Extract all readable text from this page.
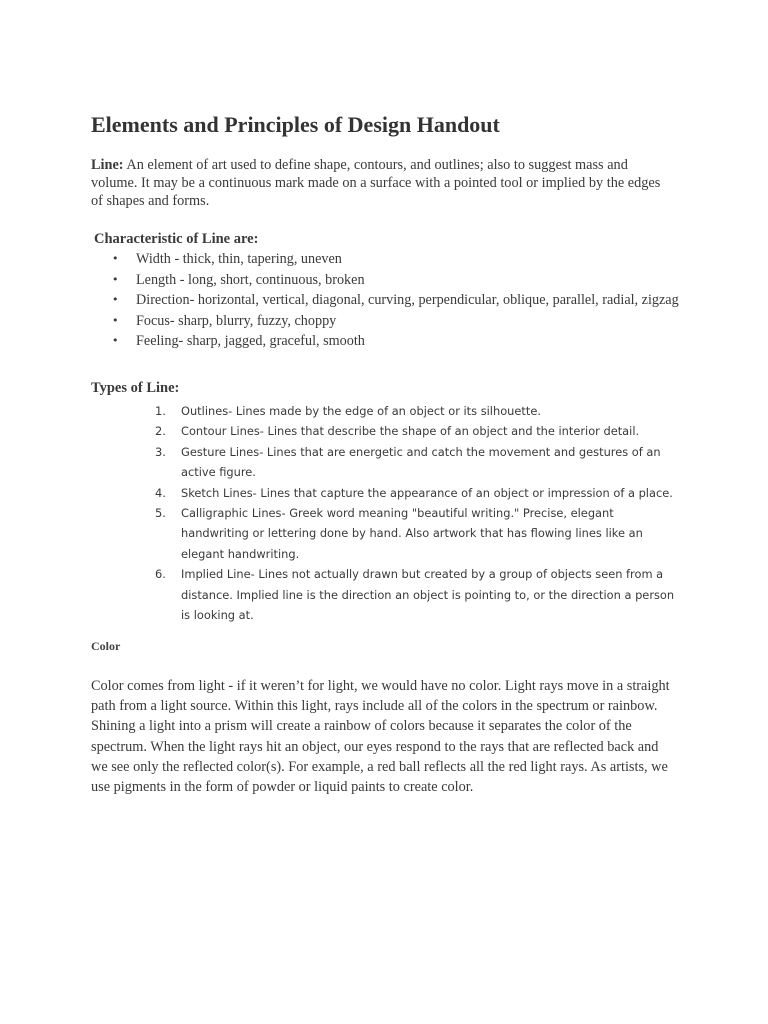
Elements and Principles of Design Handout

Line: An element of art used to define shape, contours, and outlines; also to suggest mass and volume. It may be a continuous mark made on a surface with a pointed tool or implied by the edges of shapes and forms.

Characteristic of Line are:
• Width - thick, thin, tapering, uneven
• Length - long, short, continuous, broken
• Direction- horizontal, vertical, diagonal, curving, perpendicular, oblique, parallel, radial, zigzag
• Focus- sharp, blurry, fuzzy, choppy
• Feeling- sharp, jagged, graceful, smooth
Types of Line:
1. Outlines- Lines made by the edge of an object or its silhouette.
2. Contour Lines- Lines that describe the shape of an object and the interior detail.
3. Gesture Lines- Lines that are energetic and catch the movement and gestures of an active figure.
4. Sketch Lines- Lines that capture the appearance of an object or impression of a place.
5. Calligraphic Lines- Greek word meaning "beautiful writing." Precise, elegant handwriting or lettering done by hand. Also artwork that has flowing lines like an elegant handwriting.
6. Implied Line- Lines not actually drawn but created by a group of objects seen from a distance. Implied line is the direction an object is pointing to, or the direction a person is looking at.
Color

Color comes from light - if it weren’t for light, we would have no color. Light rays move in a straight path from a light source. Within this light, rays include all of the colors in the spectrum or rainbow. Shining a light into a prism will create a rainbow of colors because it separates the color of the spectrum. When the light rays hit an object, our eyes respond to the rays that are reflected back and we see only the reflected color(s). For example, a red ball reflects all the red light rays. As artists, we use pigments in the form of powder or liquid paints to create color.
